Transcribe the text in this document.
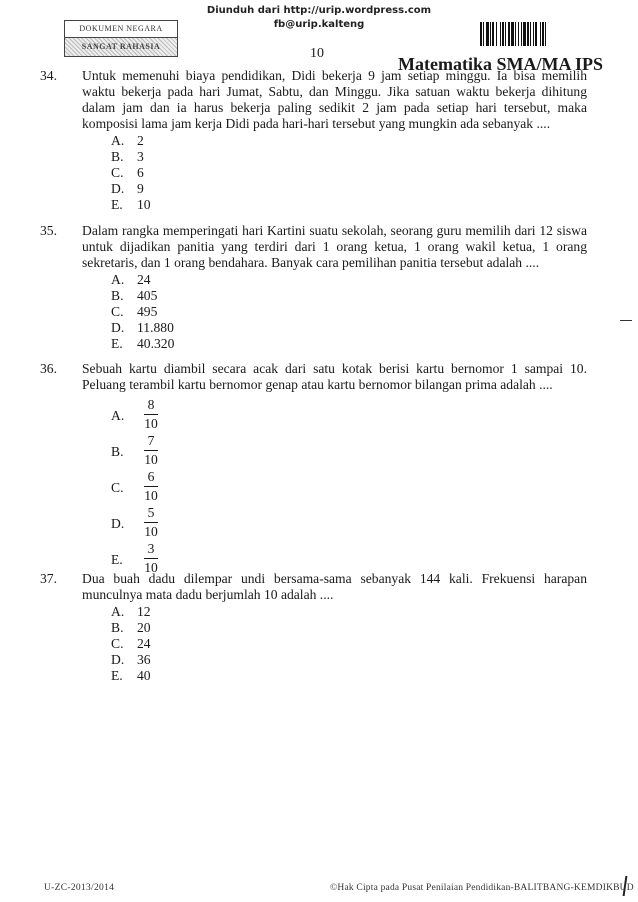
Diunduh dari http://urip.wordpress.com
fb@urip.kalteng
DOKUMEN NEGARA
SANGAT RAHASIA	10
Matematika SMA/MA IPS
34. Untuk memenuhi biaya pendidikan, Didi bekerja 9 jam setiap minggu. Ia bisa memilih
waktu bekerja pada hari Jumat, Sabtu, dan Minggu. Jika satuan waktu bekerja dihitung
dalam jam dan ia harus bekerja paling sedikit 2 jam pada setiap hari tersebut, maka
komposisi lama jam kerja Didi pada hari-hari tersebut yang mungkin ada sebanyak ....
A. 2
B. 3
C. 6
D. 9
E.	10
35. Dalam rangka memperingati hari Kartini suatu sekolah, seorang guru memilih dari 12 siswa
untuk dijadikan panitia yang terdiri dari 1 orang ketua, 1 orang wakil ketua, 1 orang
sekretaris, dan 1 orang bendahara. Banyak cara pemilihan panitia tersebut adalah ....
A. 24
B. 405
C. 495
D. 11.880
E.	40.320
36. Sebuah kartu diambil secara acak dari satu kotak berisi kartu bernomor 1 sampai 10.
Peluang terambil kartu bernomor genap atau kartu bernomor bilangan prima adalah ....
A.
8
10
B.
7
10
C.
6
10
D.
5
10
E.
3
10
37. Dua buah dadu dilempar undi bersama-sama sebanyak 144 kali. Frekuensi harapan
munculnya mata dadu berjumlah 10 adalah ....
A. 12
B. 20
C. 24
D. 36
E.	40
U-ZC-2013/2014	©Hak Cipta pada Pusat Penilaian Pendidikan-BALITBANG-KEMDIKBUD
